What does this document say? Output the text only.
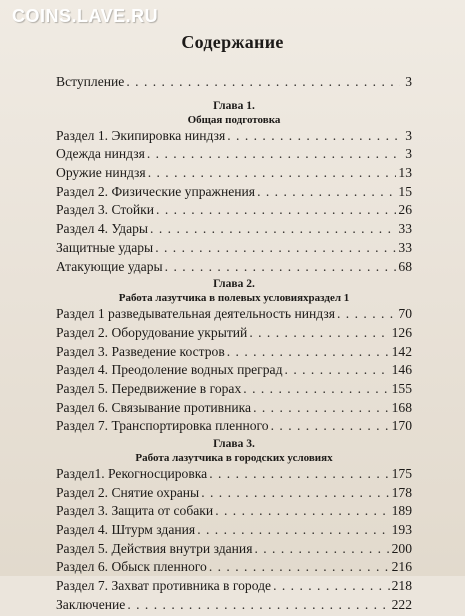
COINS.LAVE.RU
Содержание
Вступление . . .	3
Глава 1.
Общая подготовка
Раздел 1. Экипировка ниндзя . . .	3
Одежда ниндзя . . .	3
Оружие ниндзя . . .	13
Раздел 2. Физические упражнения . . .	15
Раздел 3. Стойки . . .	26
Раздел 4. Удары . . .	33
Защитные удары . . .	33
Атакующие удары . . .	68
Глава 2.
Работа лазутчика в полевых условияхраздел 1
Раздел 1 разведывательная деятельность ниндзя . . .	70
Раздел 2. Оборудование укрытий . . .	126
Раздел 3. Разведение костров . . .	142
Раздел 4. Преодоление водных преград . . .	146
Раздел 5. Передвижение в горах . . .	155
Раздел 6. Связывание противника . . .	168
Раздел 7. Транспортировка пленного . . .	170
Глава 3.
Работа лазутчика в городских условиях
Раздел1. Рекогносцировка . . .	175
Раздел 2. Снятие охраны . . .	178
Раздел 3. Защита от собаки . . .	189
Раздел 4. Штурм здания . . .	193
Раздел 5. Действия внутри здания . . .	200
Раздел 6. Обыск пленного . . .	216
Раздел 7. Захват противника в городе . . .	218
Заключение . . .	222
